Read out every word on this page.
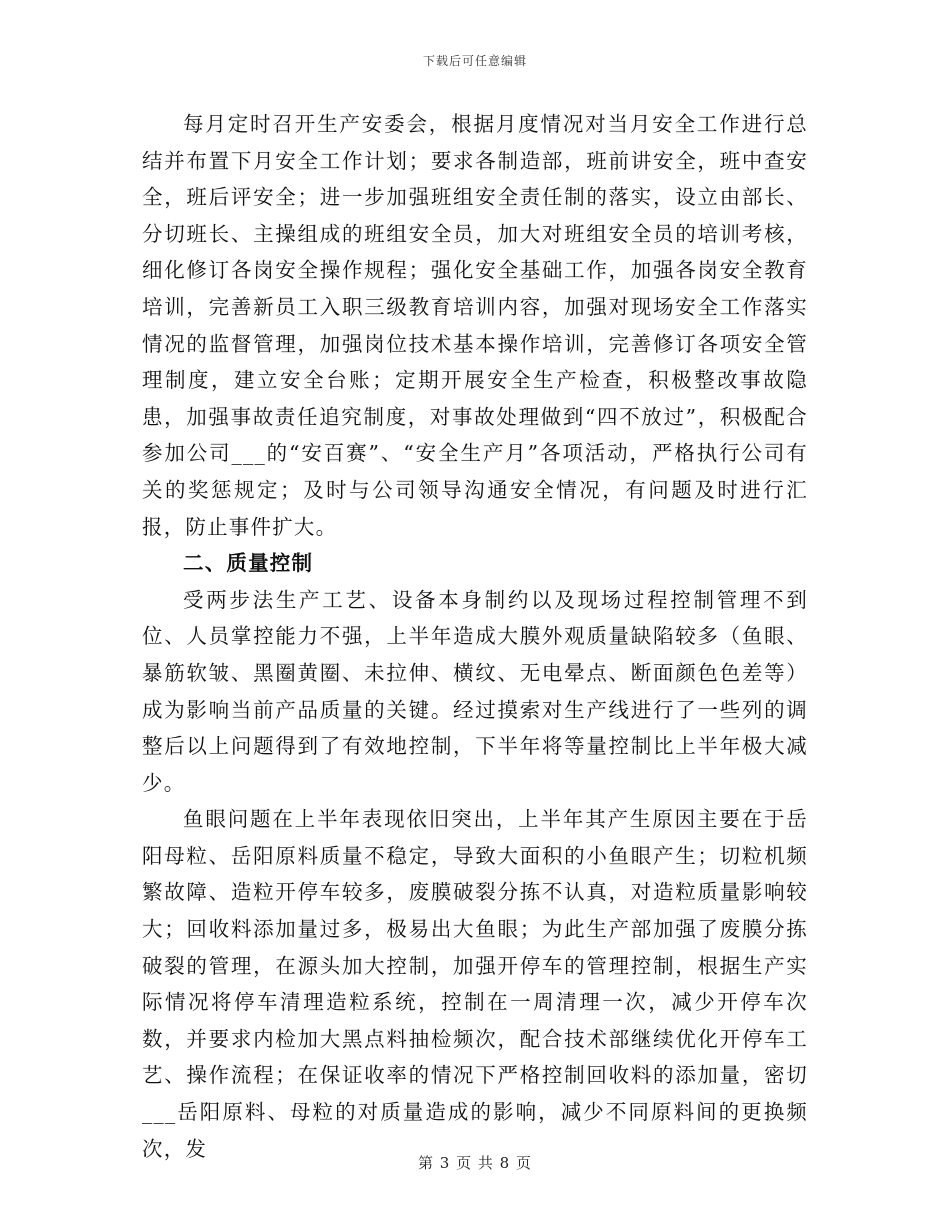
下载后可任意编辑

每月定时召开生产安委会，根据月度情况对当月安全工作进行总结并布置下月安全工作计划；要求各制造部，班前讲安全，班中查安全，班后评安全；进一步加强班组安全责任制的落实，设立由部长、分切班长、主操组成的班组安全员，加大对班组安全员的培训考核，细化修订各岗安全操作规程；强化安全基础工作，加强各岗安全教育培训，完善新员工入职三级教育培训内容，加强对现场安全工作落实情况的监督管理，加强岗位技术基本操作培训，完善修订各项安全管理制度，建立安全台账；定期开展安全生产检查，积极整改事故隐患，加强事故责任追究制度，对事故处理做到“四不放过”，积极配合参加公司___的“安百赛”、“安全生产月”各项活动，严格执行公司有关的奖惩规定；及时与公司领导沟通安全情况，有问题及时进行汇报，防止事件扩大。

二、质量控制

受两步法生产工艺、设备本身制约以及现场过程控制管理不到位、人员掌控能力不强，上半年造成大膜外观质量缺陷较多（鱼眼、暴筋软皱、黑圈黄圈、未拉伸、横纹、无电晕点、断面颜色色差等）成为影响当前产品质量的关键。经过摸索对生产线进行了一些列的调整后以上问题得到了有效地控制，下半年将等量控制比上半年极大减少。

鱼眼问题在上半年表现依旧突出，上半年其产生原因主要在于岳阳母粒、岳阳原料质量不稳定，导致大面积的小鱼眼产生；切粒机频繁故障、造粒开停车较多，废膜破裂分拣不认真，对造粒质量影响较大；回收料添加量过多，极易出大鱼眼；为此生产部加强了废膜分拣破裂的管理，在源头加大控制，加强开停车的管理控制，根据生产实际情况将停车清理造粒系统，控制在一周清理一次，减少开停车次数，并要求内检加大黑点料抽检频次，配合技术部继续优化开停车工艺、操作流程；在保证收率的情况下严格控制回收料的添加量，密切___岳阳原料、母粒的对质量造成的影响，减少不同原料间的更换频次，发

第 3 页 共 8 页
